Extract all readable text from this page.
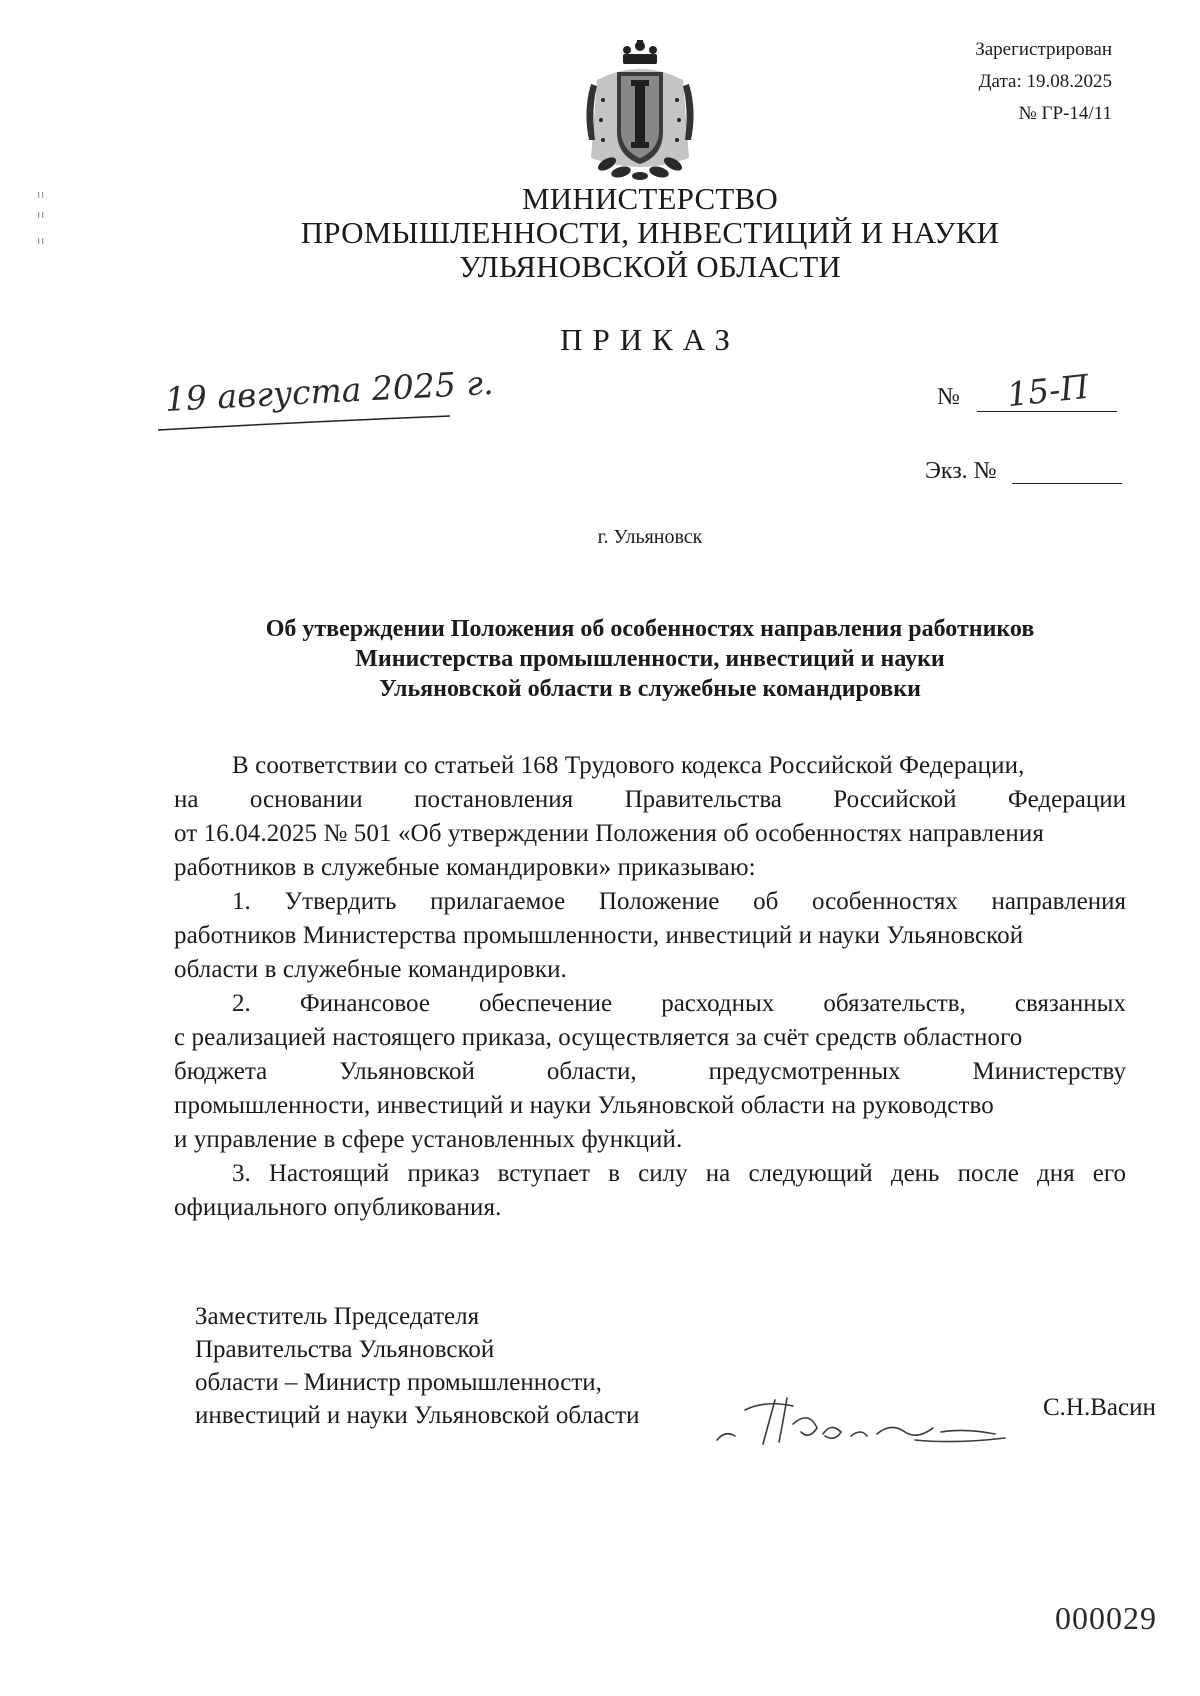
Зарегистрирован
Дата: 19.08.2025
№ ГР-14/11
МИНИСТЕРСТВО
ПРОМЫШЛЕННОСТИ, ИНВЕСТИЦИЙ И НАУКИ
УЛЬЯНОВСКОЙ ОБЛАСТИ
ПРИКАЗ
19 августа 2025 г.	№ 15-П
Экз. №
г. Ульяновск
Об утверждении Положения об особенностях направления работников
Министерства промышленности, инвестиций и науки
Ульяновской области в служебные командировки
В соответствии со статьей 168 Трудового кодекса Российской Федерации,
на основании постановления Правительства Российской Федерации
от 16.04.2025 № 501 «Об утверждении Положения об особенностях направления
работников в служебные командировки» приказываю:
1. Утвердить прилагаемое Положение об особенностях направления
работников Министерства промышленности, инвестиций и науки Ульяновской
области в служебные командировки.
2. Финансовое обеспечение расходных обязательств, связанных
с реализацией настоящего приказа, осуществляется за счёт средств областного
бюджета	Ульяновской	области,	предусмотренных	Министерству
промышленности, инвестиций и науки Ульяновской области на руководство
и управление в сфере установленных функций.
3. Настоящий приказ вступает в силу на следующий день после дня его
официального опубликования.
Заместитель Председателя
Правительства Ульяновской
области – Министр промышленности,
инвестиций и науки Ульяновской области	С.Н.Васин
000029
